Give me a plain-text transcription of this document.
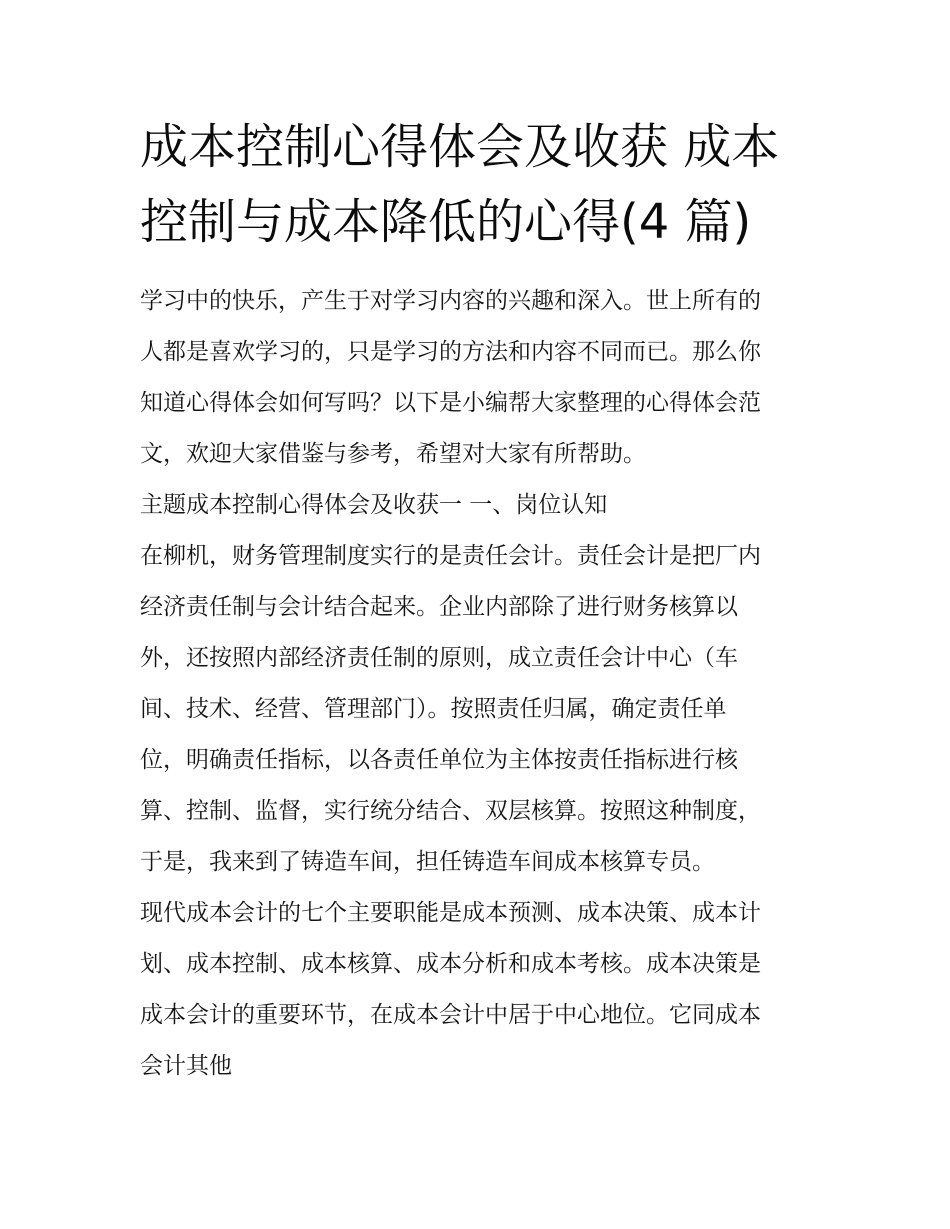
成本控制心得体会及收获 成本
控制与成本降低的心得(4 篇)
学习中的快乐，产生于对学习内容的兴趣和深入。世上所有的
人都是喜欢学习的，只是学习的方法和内容不同而已。那么你
知道心得体会如何写吗？以下是小编帮大家整理的心得体会范
文，欢迎大家借鉴与参考，希望对大家有所帮助。
主题成本控制心得体会及收获一 一、岗位认知
在柳机，财务管理制度实行的是责任会计。责任会计是把厂内
经济责任制与会计结合起来。企业内部除了进行财务核算以
外，还按照内部经济责任制的原则，成立责任会计中心（车
间、技术、经营、管理部门）。按照责任归属，确定责任单
位，明确责任指标，以各责任单位为主体按责任指标进行核
算、控制、监督，实行统分结合、双层核算。按照这种制度，
于是，我来到了铸造车间，担任铸造车间成本核算专员。
现代成本会计的七个主要职能是成本预测、成本决策、成本计
划、成本控制、成本核算、成本分析和成本考核。成本决策是
成本会计的重要环节，在成本会计中居于中心地位。它同成本
会计其他
